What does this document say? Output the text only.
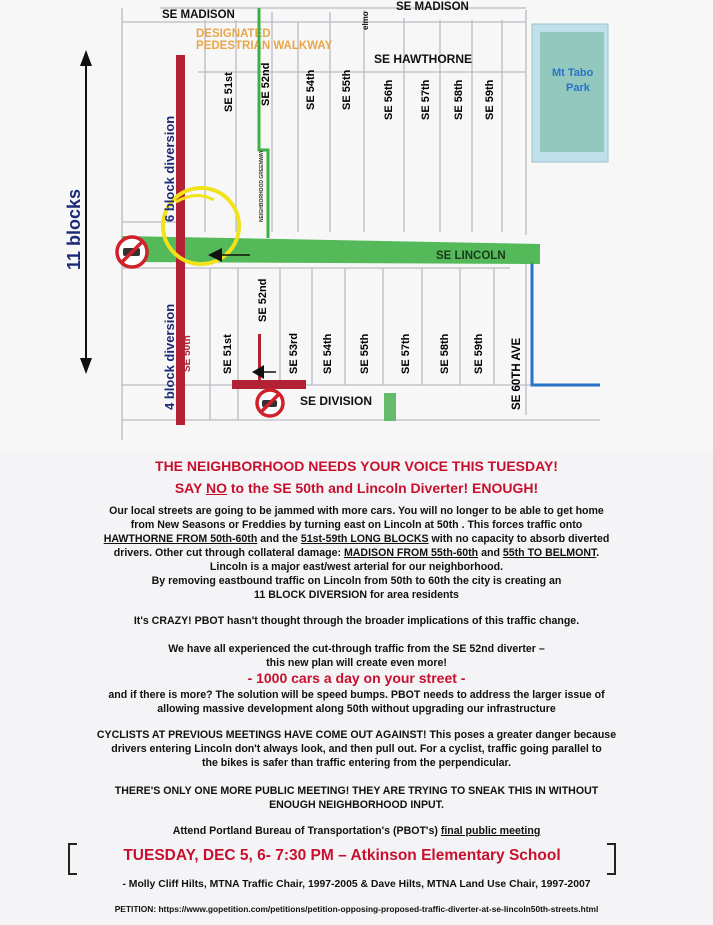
Mt Tabo
Park
DESIGNATED
PEDESTRIAN WALKWAY
SE MADISON
SE MADISON
SE HAWTHORNE
elmo
NEIGHBORHOOD GREENWAY
SE 51st SE 52nd	SE 54th SE 55th	SE 56th SE 57th SE 58th SE 59th
SE LINCOLN
SE 50th	SE 51st
SE 52nd
SE 53rd SE 54th SE 55th	SE 57th SE 58th SE 59th SE 60TH AVE
SE DIVISION
6 block diversion
4 block diversion
11 blocks
THE NEIGHBORHOOD NEEDS YOUR VOICE THIS TUESDAY!
SAY NO to the SE 50th and Lincoln Diverter! ENOUGH!
Our local streets are going to be jammed with more cars. You will no longer to be able to get home
from New Seasons or Freddies by turning east on Lincoln at 50th . This forces traffic onto
HAWTHORNE FROM 50th-60th and the 51st-59th LONG BLOCKS with no capacity to absorb diverted
drivers. Other cut through collateral damage: MADISON FROM 55th-60th and 55th TO BELMONT.
Lincoln is a major east/west arterial for our neighborhood.
By removing eastbound traffic on Lincoln from 50th to 60th the city is creating an
11 BLOCK DIVERSION for area residents
It's CRAZY! PBOT hasn't thought through the broader implications of this traffic change.
We have all experienced the cut-through traffic from the SE 52nd diverter –
this new plan will create even more!
- 1000 cars a day on your street -
and if there is more? The solution will be speed bumps. PBOT needs to address the larger issue of
allowing massive development along 50th without upgrading our infrastructure
CYCLISTS AT PREVIOUS MEETINGS HAVE COME OUT AGAINST! This poses a greater danger because
drivers entering Lincoln don't always look, and then pull out. For a cyclist, traffic going parallel to
the bikes is safer than traffic entering from the perpendicular.
THERE'S ONLY ONE MORE PUBLIC MEETING! THEY ARE TRYING TO SNEAK THIS IN WITHOUT
ENOUGH NEIGHBORHOOD INPUT.
Attend Portland Bureau of Transportation's (PBOT's) final public meeting
TUESDAY, DEC 5, 6- 7:30 PM – Atkinson Elementary School
- Molly Cliff Hilts, MTNA Traffic Chair, 1997-2005 & Dave Hilts, MTNA Land Use Chair, 1997-2007
PETITION: https://www.gopetition.com/petitions/petition-opposing-proposed-traffic-diverter-at-se-lincoln50th-streets.html
